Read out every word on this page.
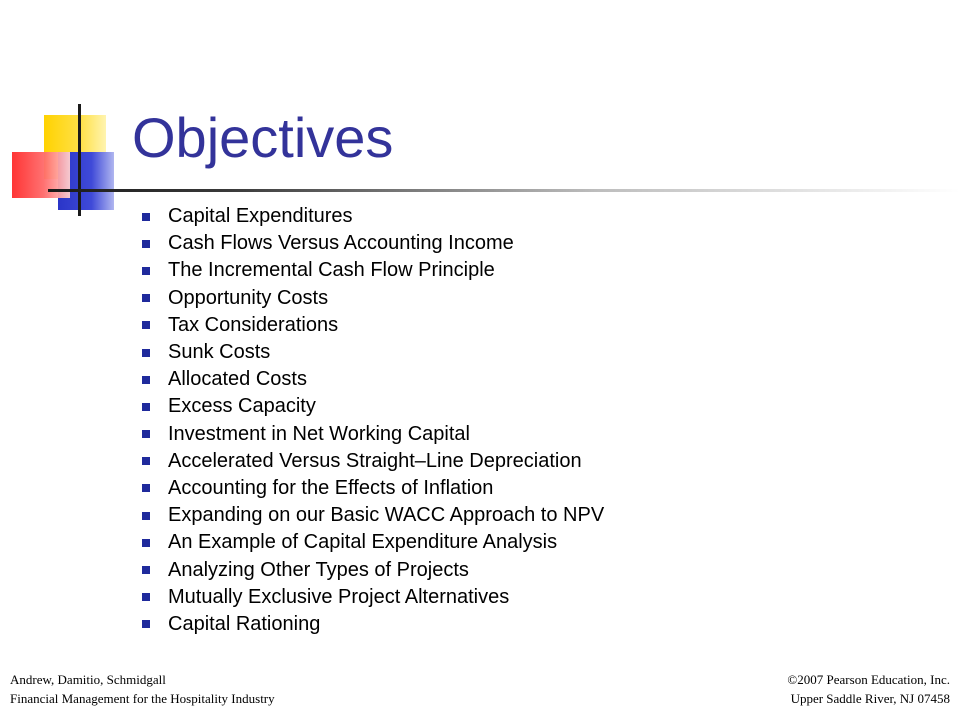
Objectives
Capital Expenditures
Cash Flows Versus Accounting Income
The Incremental Cash Flow Principle
Opportunity Costs
Tax Considerations
Sunk Costs
Allocated Costs
Excess Capacity
Investment in Net Working Capital
Accelerated Versus Straight–Line Depreciation
Accounting for the Effects of Inflation
Expanding on our Basic WACC Approach to NPV
An Example of Capital Expenditure Analysis
Analyzing Other Types of Projects
Mutually Exclusive Project Alternatives
Capital Rationing
Andrew, Damitio, Schmidgall
Financial Management for the Hospitality Industry
©2007 Pearson Education, Inc.
Upper Saddle River, NJ 07458
